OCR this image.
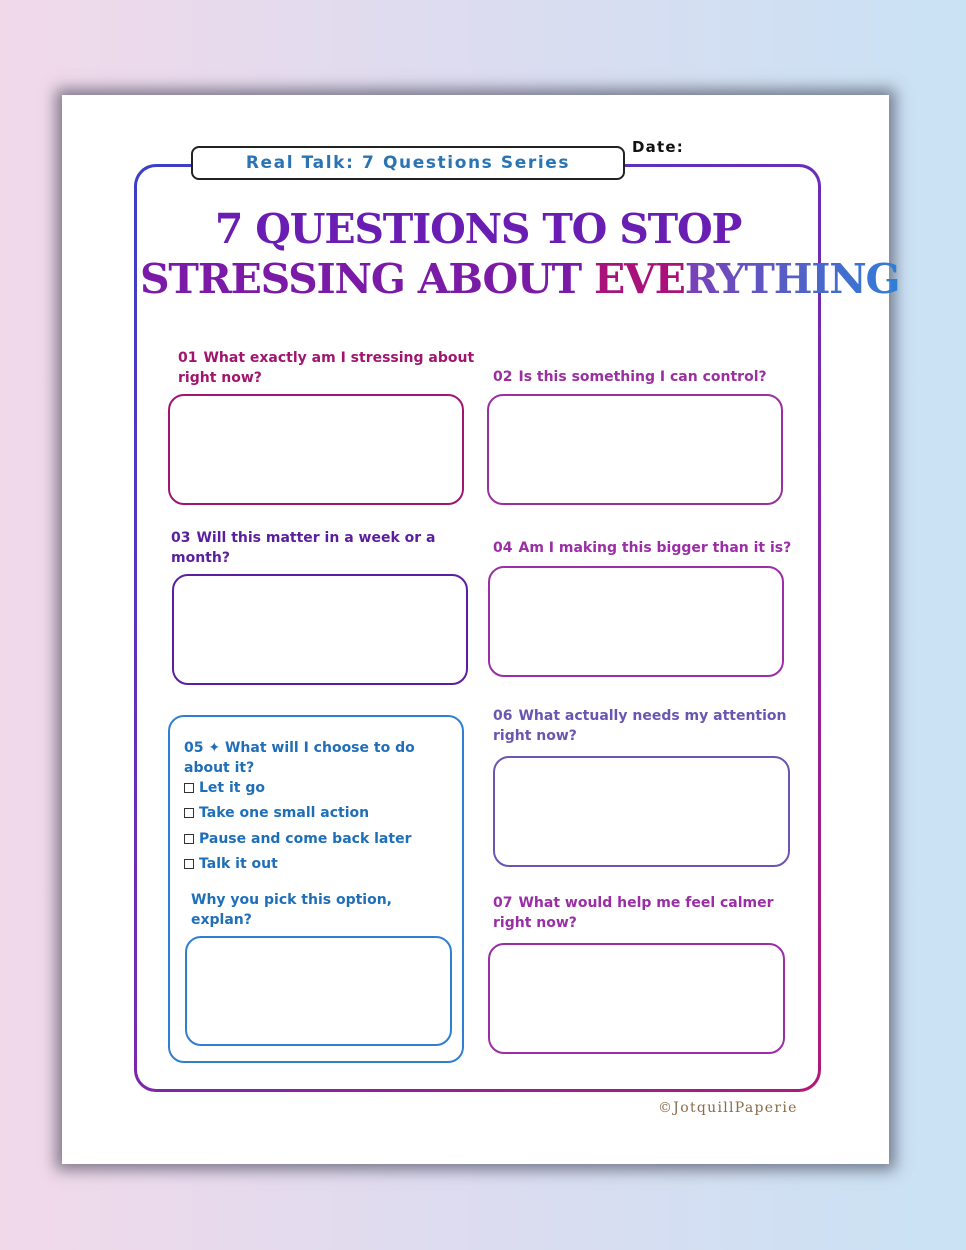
Real Talk: 7 Questions Series
Date:
7 QUESTIONS TO STOP
STRESSING ABOUT EVERYTHING
01 What exactly am I stressing about right now?	02 Is this something I can control?
03 Will this matter in a week or a month?
04 Am I making this bigger than it is?
05 ✦ What will I choose to do about it?
Let it go
Take one small action
Pause and come back later
Talk it out
Why you pick this option, explan?
06 What actually needs my attention right now?
07 What would help me feel calmer right now?
©JotquillPaperie
